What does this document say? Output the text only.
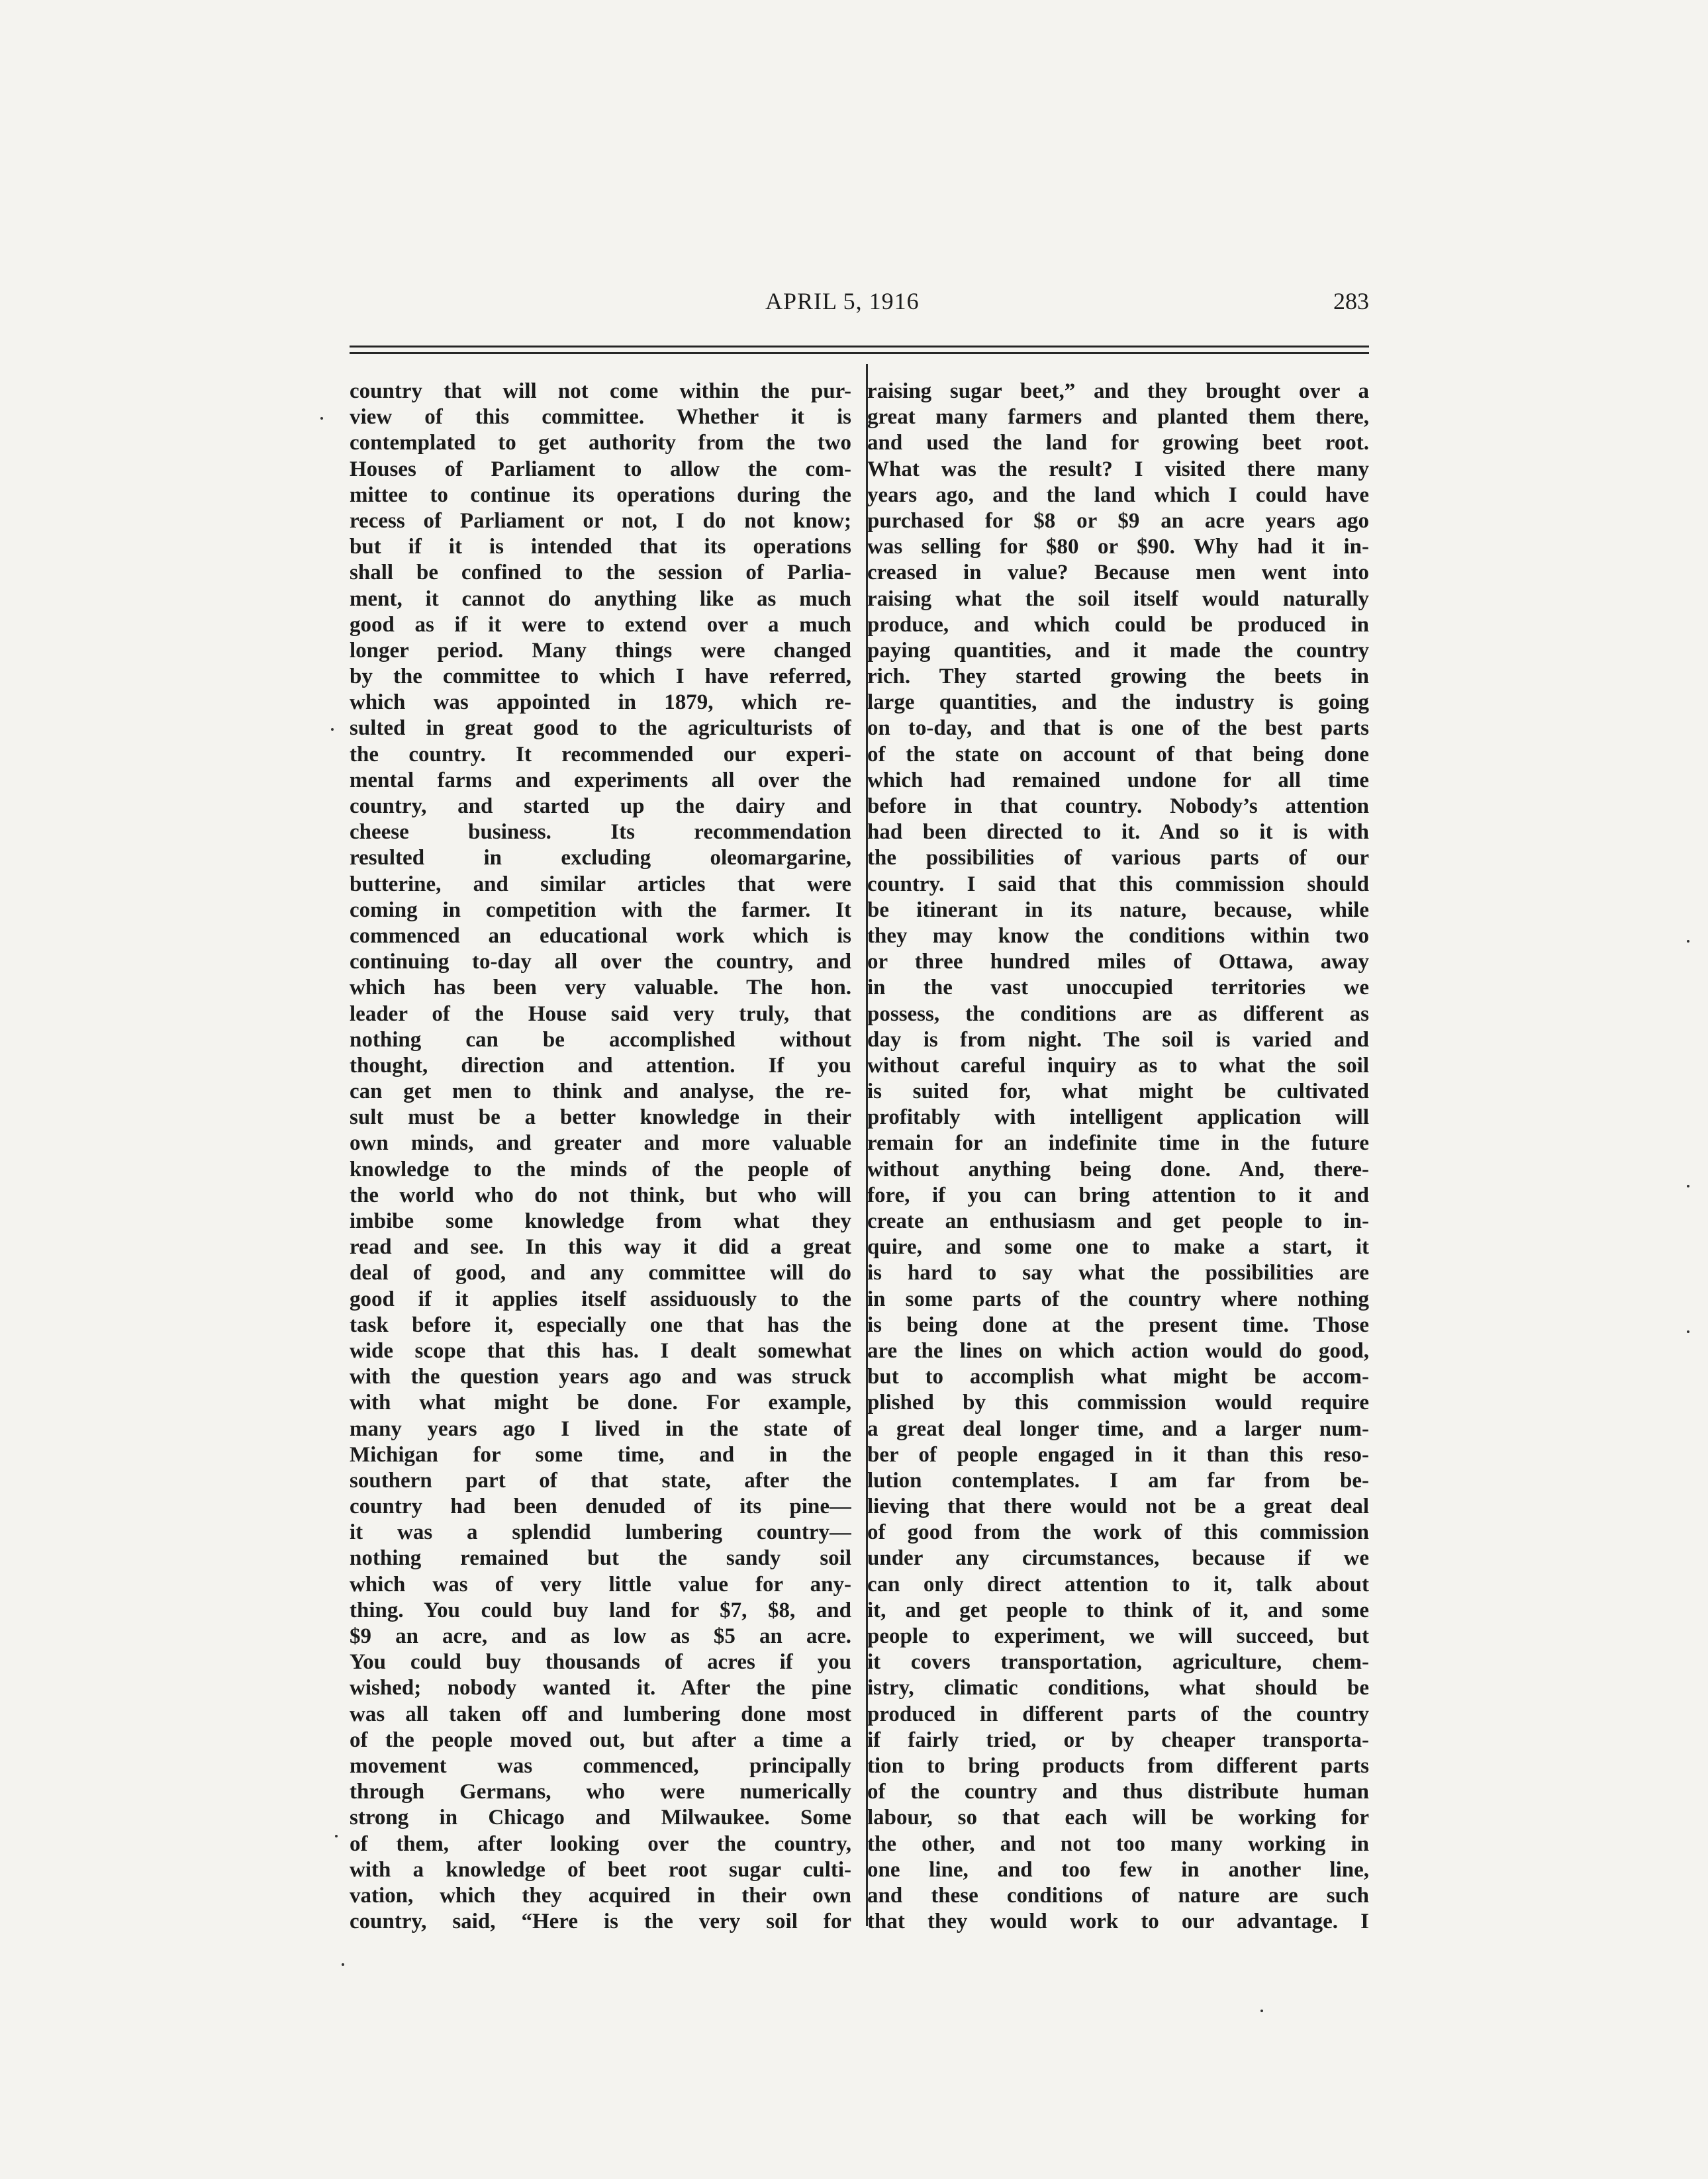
APRIL 5, 1916	283
country that will not come within the pur-
view of this committee. Whether it is
contemplated to get authority from the two
Houses of Parliament to allow the com-
mittee to continue its operations during the
recess of Parliament or not, I do not know;
but if it is intended that its operations
shall be confined to the session of Parlia-
ment, it cannot do anything like as much
good as if it were to extend over a much
longer period. Many things were changed
by the committee to which I have referred,
which was appointed in 1879, which re-
sulted in great good to the agriculturists of
the country. It recommended our experi-
mental farms and experiments all over the
country, and started up the dairy and
cheese business. Its recommendation
resulted in excluding oleomargarine,
butterine, and similar articles that were
coming in competition with the farmer. It
commenced an educational work which is
continuing to-day all over the country, and
which has been very valuable. The hon.
leader of the House said very truly, that
nothing can be accomplished without
thought, direction and attention. If you
can get men to think and analyse, the re-
sult must be a better knowledge in their
own minds, and greater and more valuable
knowledge to the minds of the people of
the world who do not think, but who will
imbibe some knowledge from what they
read and see. In this way it did a great
deal of good, and any committee will do
good if it applies itself assiduously to the
task before it, especially one that has the
wide scope that this has. I dealt somewhat
with the question years ago and was struck
with what might be done. For example,
many years ago I lived in the state of
Michigan for some time, and in the
southern part of that state, after the
country had been denuded of its pine—
it was a splendid lumbering country—
nothing remained but the sandy soil
which was of very little value for any-
thing. You could buy land for $7, $8, and
$9 an acre, and as low as $5 an acre.
You could buy thousands of acres if you
wished; nobody wanted it. After the pine
was all taken off and lumbering done most
of the people moved out, but after a time a
movement was commenced, principally
through Germans, who were numerically
strong in Chicago and Milwaukee. Some
of them, after looking over the country,
with a knowledge of beet root sugar culti-
vation, which they acquired in their own
country, said, “Here is the very soil for
raising sugar beet,” and they brought over a
great many farmers and planted them there,
and used the land for growing beet root.
What was the result? I visited there many
years ago, and the land which I could have
purchased for $8 or $9 an acre years ago
was selling for $80 or $90. Why had it in-
creased in value? Because men went into
raising what the soil itself would naturally
produce, and which could be produced in
paying quantities, and it made the country
rich. They started growing the beets in
large quantities, and the industry is going
on to-day, and that is one of the best parts
of the state on account of that being done
which had remained undone for all time
before in that country. Nobody’s attention
had been directed to it. And so it is with
the possibilities of various parts of our
country. I said that this commission should
be itinerant in its nature, because, while
they may know the conditions within two
or three hundred miles of Ottawa, away
in the vast unoccupied territories we
possess, the conditions are as different as
day is from night. The soil is varied and
without careful inquiry as to what the soil
is suited for, what might be cultivated
profitably with intelligent application will
remain for an indefinite time in the future
without anything being done. And, there-
fore, if you can bring attention to it and
create an enthusiasm and get people to in-
quire, and some one to make a start, it
is hard to say what the possibilities are
in some parts of the country where nothing
is being done at the present time. Those
are the lines on which action would do good,
but to accomplish what might be accom-
plished by this commission would require
a great deal longer time, and a larger num-
ber of people engaged in it than this reso-
lution contemplates. I am far from be-
lieving that there would not be a great deal
of good from the work of this commission
under any circumstances, because if we
can only direct attention to it, talk about
it, and get people to think of it, and some
people to experiment, we will succeed, but
it covers transportation, agriculture, chem-
istry, climatic conditions, what should be
produced in different parts of the country
if fairly tried, or by cheaper transporta-
tion to bring products from different parts
of the country and thus distribute human
labour, so that each will be working for
the other, and not too many working in
one line, and too few in another line,
and these conditions of nature are such
that they would work to our advantage. I
